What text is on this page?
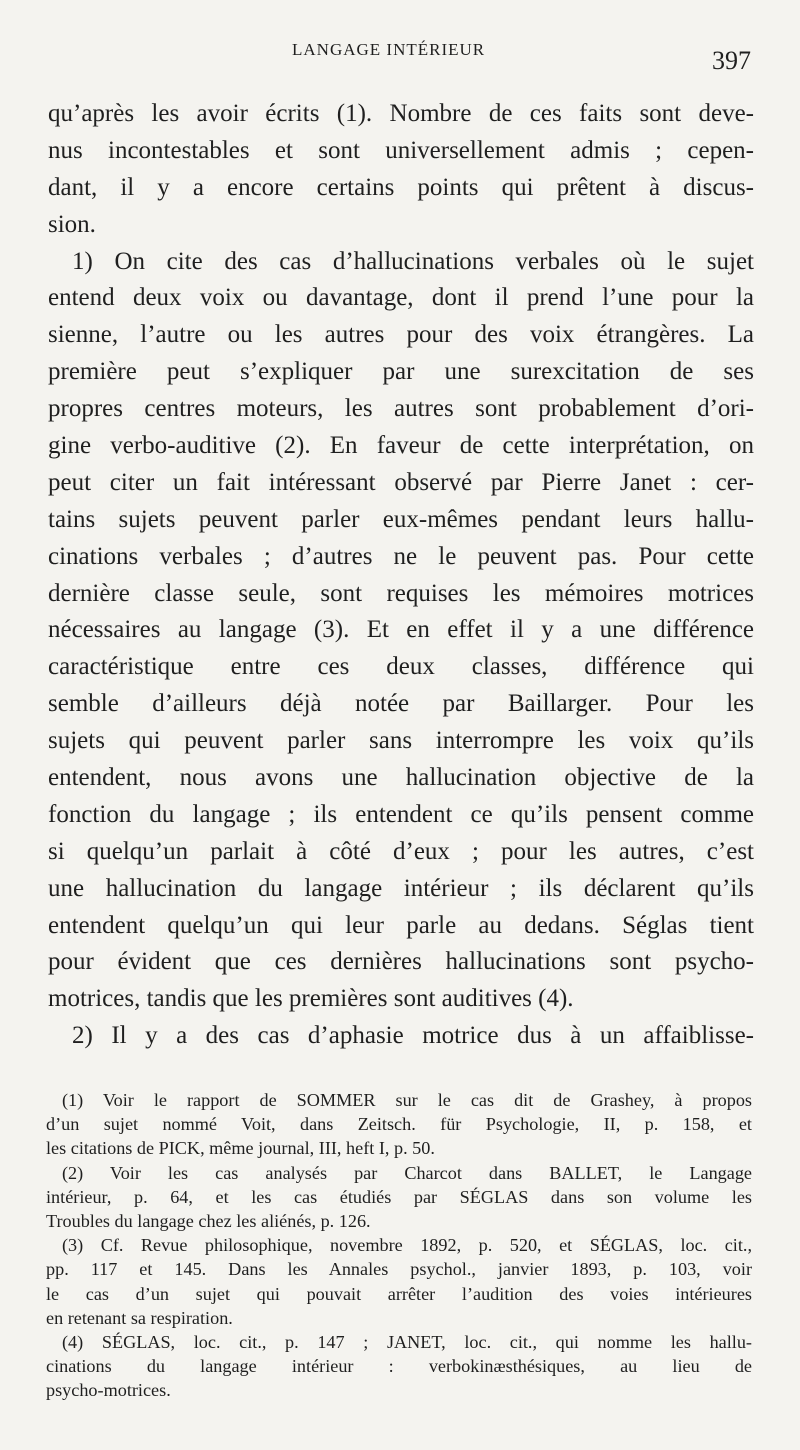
LANGAGE INTÉRIEUR	397
qu’après les avoir écrits (1). Nombre de ces faits sont deve-
nus incontestables et sont universellement admis ; cepen-
dant, il y a encore certains points qui prêtent à discus-
sion.
1) On cite des cas d’hallucinations verbales où le sujet
entend deux voix ou davantage, dont il prend l’une pour la
sienne, l’autre ou les autres pour des voix étrangères. La
première peut s’expliquer par une surexcitation de ses
propres centres moteurs, les autres sont probablement d’ori-
gine verbo-auditive (2). En faveur de cette interprétation, on
peut citer un fait intéressant observé par Pierre Janet : cer-
tains sujets peuvent parler eux-mêmes pendant leurs hallu-
cinations verbales ; d’autres ne le peuvent pas. Pour cette
dernière classe seule, sont requises les mémoires motrices
nécessaires au langage (3). Et en effet il y a une différence
caractéristique entre ces deux classes, différence qui
semble d’ailleurs déjà notée par Baillarger. Pour les
sujets qui peuvent parler sans interrompre les voix qu’ils
entendent, nous avons une hallucination objective de la
fonction du langage ; ils entendent ce qu’ils pensent comme
si quelqu’un parlait à côté d’eux ; pour les autres, c’est
une hallucination du langage intérieur ; ils déclarent qu’ils
entendent quelqu’un qui leur parle au dedans. Séglas tient
pour évident que ces dernières hallucinations sont psycho-
motrices, tandis que les premières sont auditives (4).
2) Il y a des cas d’aphasie motrice dus à un affaiblisse-
(1) Voir le rapport de SOMMER sur le cas dit de Grashey, à propos
d’un sujet nommé Voit, dans Zeitsch. für Psychologie, II, p. 158, et
les citations de PICK, même journal, III, heft I, p. 50.
(2) Voir les cas analysés par Charcot dans BALLET, le Langage
intérieur, p. 64, et les cas étudiés par SÉGLAS dans son volume les
Troubles du langage chez les aliénés, p. 126.
(3) Cf. Revue philosophique, novembre 1892, p. 520, et SÉGLAS, loc. cit.,
pp. 117 et 145. Dans les Annales psychol., janvier 1893, p. 103, voir
le cas d’un sujet qui pouvait arrêter l’audition des voies intérieures
en retenant sa respiration.
(4) SÉGLAS, loc. cit., p. 147 ; JANET, loc. cit., qui nomme les hallu-
cinations du langage intérieur : verbokinæsthésiques, au lieu de
psycho-motrices.
